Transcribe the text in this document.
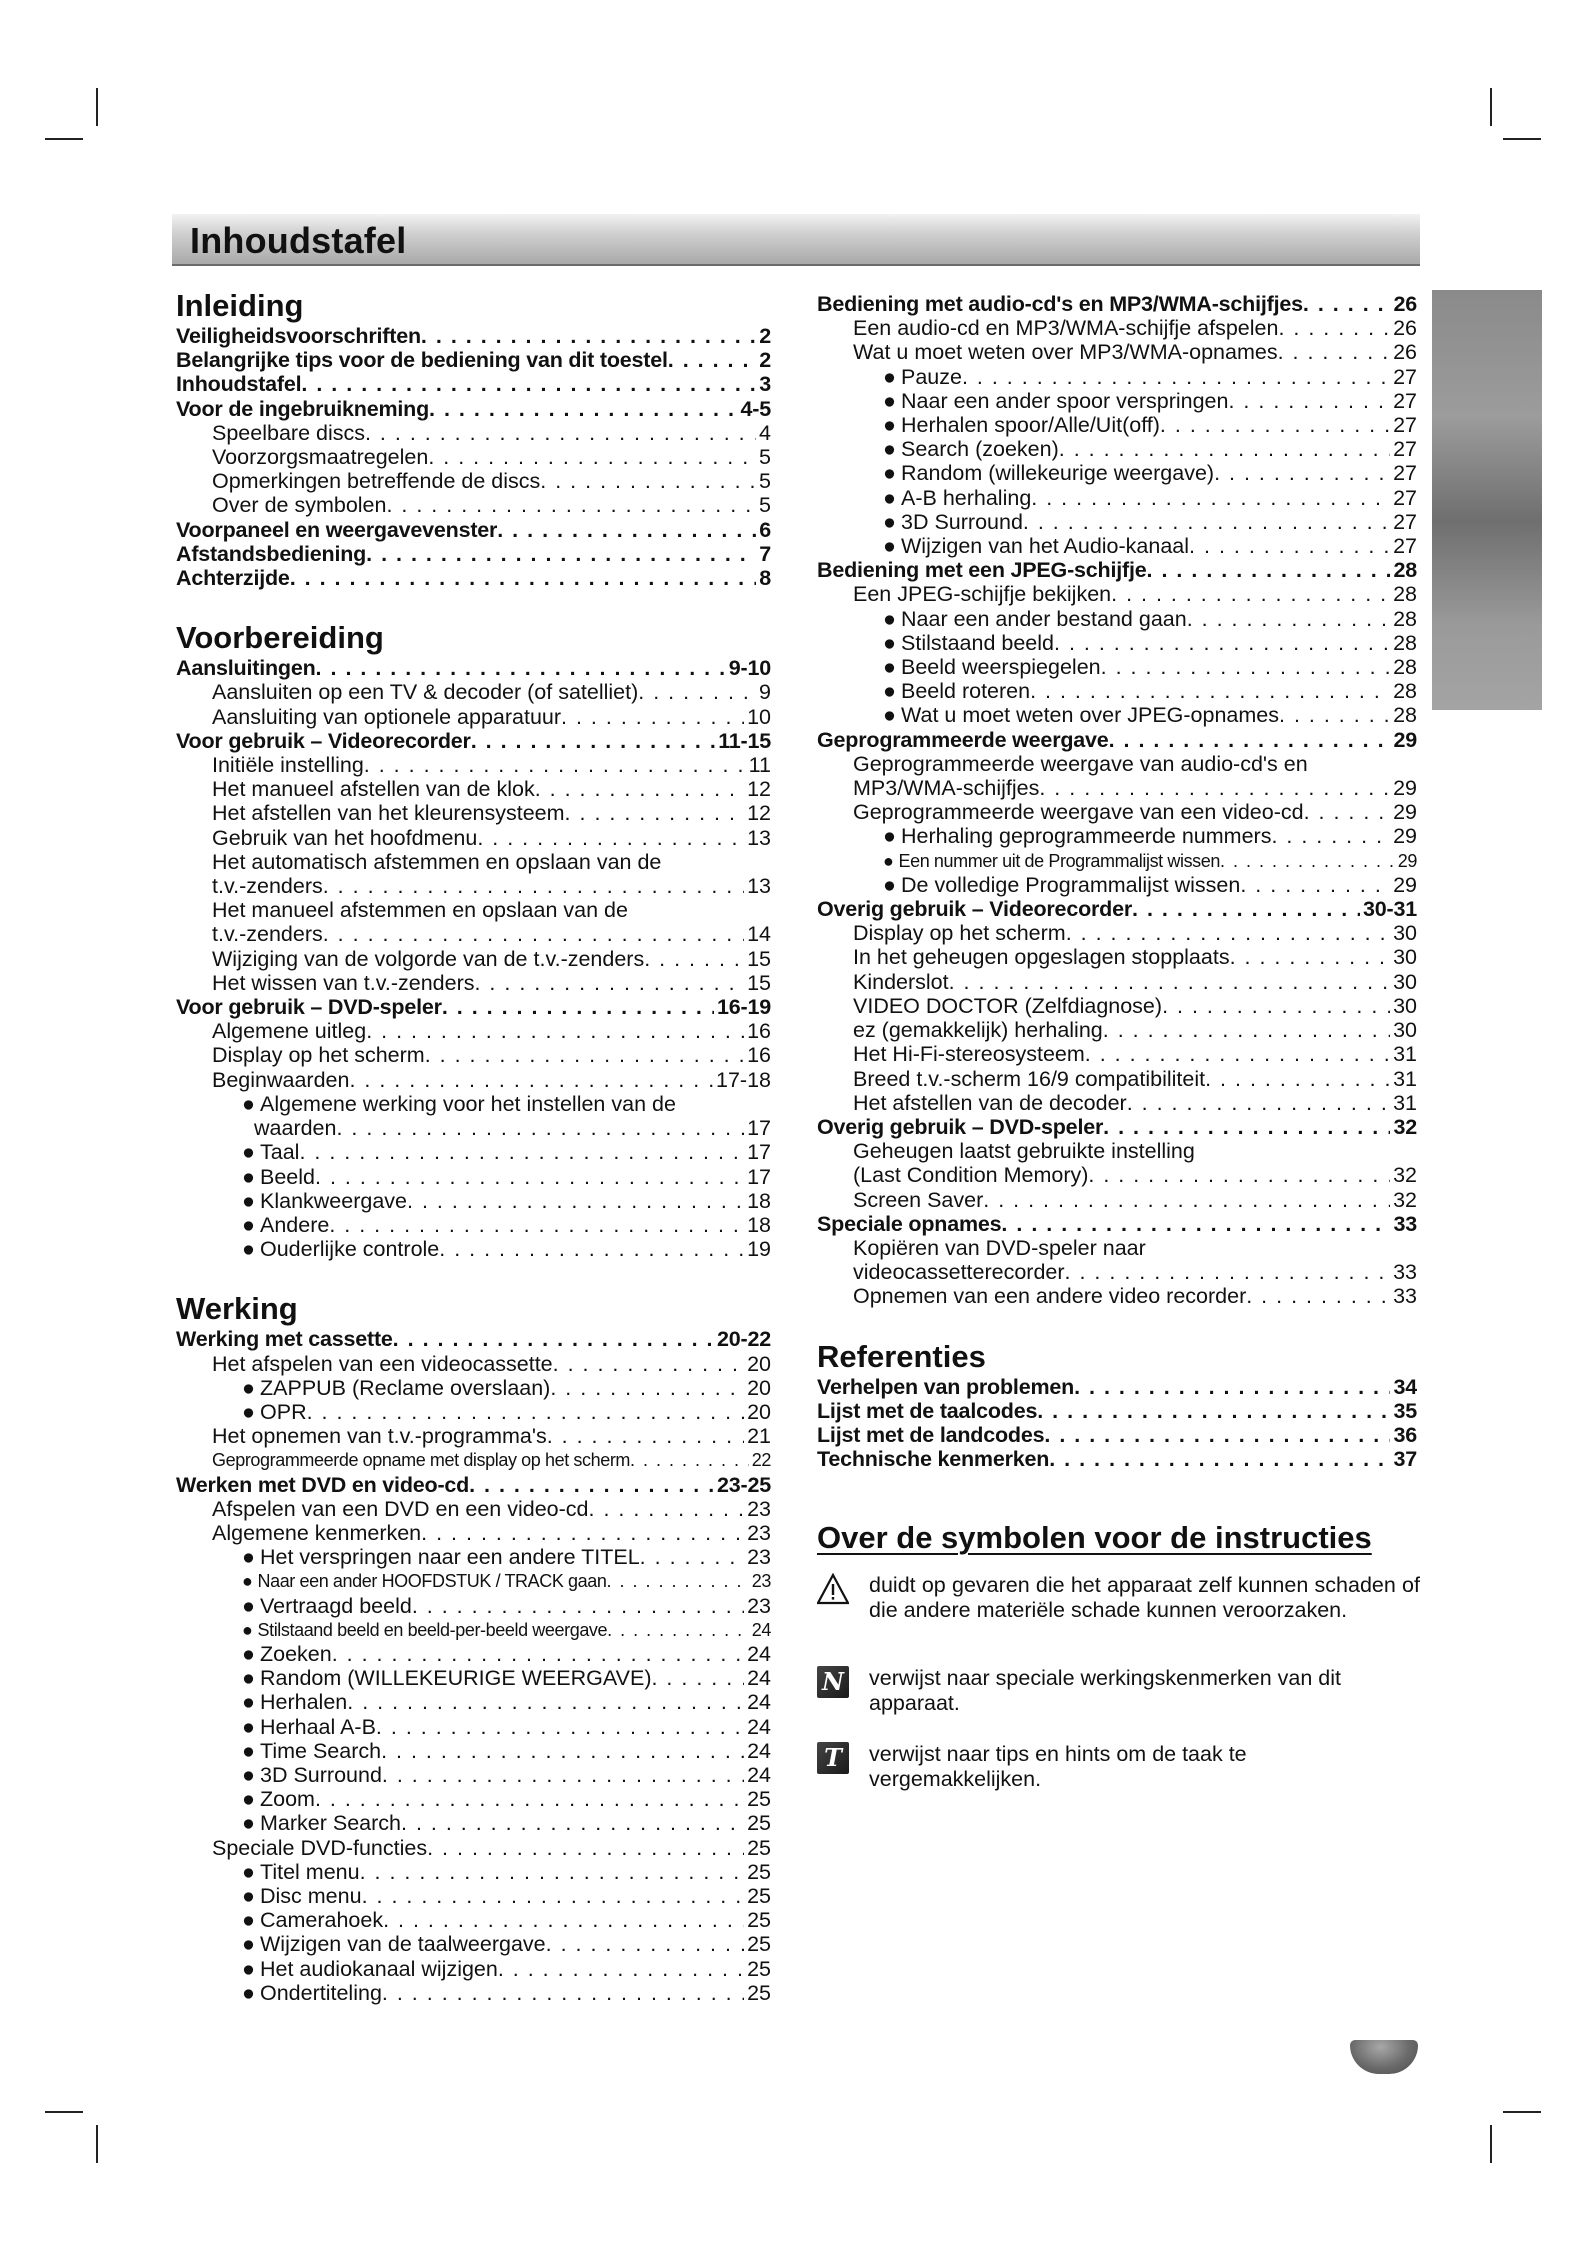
Inhoudstafel
Inleiding
Veiligheidsvoorschriften . . .	2
Belangrijke tips voor de bediening van dit toestel . . .	2
Inhoudstafel . . .	3
Voor de ingebruikneming . . .	4-5
Speelbare discs . . .	4
Voorzorgsmaatregelen . . .	5
Opmerkingen betreffende de discs . . .	5
Over de symbolen . . .	5
Voorpaneel en weergavevenster . . .	6
Afstandsbediening . . .	7
Achterzijde . . .	8
Voorbereiding
Aansluitingen . . .	9-10
Aansluiten op een TV & decoder (of satelliet) . . .	9
Aansluiting van optionele apparatuur . . .	10
Voor gebruik – Videorecorder . . .	11-15
Initiële instelling . . .	11
Het manueel afstellen van de klok . . .	12
Het afstellen van het kleurensysteem . . .	12
Gebruik van het hoofdmenu . . .	13
Het automatisch afstemmen en opslaan van de
t.v.-zenders . . .	13
Het manueel afstemmen en opslaan van de
t.v.-zenders . . .	14
Wijziging van de volgorde van de t.v.-zenders . . .	15
Het wissen van t.v.-zenders . . .	15
Voor gebruik – DVD-speler . . .	16-19
Algemene uitleg . . .	16
Display op het scherm . . .	16
Beginwaarden . . .	17-18
● Algemene werking voor het instellen van de
waarden . . .	17
● Taal . . .	17
● Beeld . . .	17
● Klankweergave . . .	18
● Andere . . .	18
● Ouderlijke controle . . .	19
Werking
Werking met cassette . . .	20-22
Het afspelen van een videocassette . . .	20
● ZAPPUB (Reclame overslaan) . . .	20
● OPR . . .	20
Het opnemen van t.v.-programma's . . .	21
Geprogrammeerde opname met display op het scherm . . .	22
Werken met DVD en video-cd . . .	23-25
Afspelen van een DVD en een video-cd . . .	23
Algemene kenmerken . . .	23
● Het verspringen naar een andere TITEL . . .	23
● Naar een ander HOOFDSTUK / TRACK gaan . . .	23
● Vertraagd beeld . . .	23
● Stilstaand beeld en beeld-per-beeld weergave . . .	24
● Zoeken . . .	24
● Random (WILLEKEURIGE WEERGAVE) . . .	24
● Herhalen . . .	24
● Herhaal A-B . . .	24
● Time Search . . .	24
● 3D Surround . . .	24
● Zoom . . .	25
● Marker Search . . .	25
Speciale DVD-functies . . .	25
● Titel menu . . .	25
● Disc menu . . .	25
● Camerahoek . . .	25
● Wijzigen van de taalweergave . . .	25
● Het audiokanaal wijzigen . . .	25
● Ondertiteling . . .	25
Bediening met audio-cd's en MP3/WMA-schijfjes . . .	26
Een audio-cd en MP3/WMA-schijfje afspelen . . .	26
Wat u moet weten over MP3/WMA-opnames . . .	26
● Pauze . . .	27
● Naar een ander spoor verspringen . . .	27
● Herhalen spoor/Alle/Uit(off) . . .	27
● Search (zoeken) . . .	27
● Random (willekeurige weergave) . . .	27
● A-B herhaling . . .	27
● 3D Surround . . .	27
● Wijzigen van het Audio-kanaal . . .	27
Bediening met een JPEG-schijfje . . .	28
Een JPEG-schijfje bekijken . . .	28
● Naar een ander bestand gaan . . .	28
● Stilstaand beeld . . .	28
● Beeld weerspiegelen . . .	28
● Beeld roteren . . .	28
● Wat u moet weten over JPEG-opnames . . .	28
Geprogrammeerde weergave . . .	29
Geprogrammeerde weergave van audio-cd's en
MP3/WMA-schijfjes . . .	29
Geprogrammeerde weergave van een video-cd . . .	29
● Herhaling geprogrammeerde nummers . . .	29
● Een nummer uit de Programmalijst wissen . . .	29
● De volledige Programmalijst wissen . . .	29
Overig gebruik – Videorecorder . . .	30-31
Display op het scherm . . .	30
In het geheugen opgeslagen stopplaats . . .	30
Kinderslot . . .	30
VIDEO DOCTOR (Zelfdiagnose) . . .	30
ez (gemakkelijk) herhaling . . .	30
Het Hi-Fi-stereosysteem . . .	31
Breed t.v.-scherm 16/9 compatibiliteit . . .	31
Het afstellen van de decoder . . .	31
Overig gebruik – DVD-speler . . .	32
Geheugen laatst gebruikte instelling
(Last Condition Memory) . . .	32
Screen Saver . . .	32
Speciale opnames . . .	33
Kopiëren van DVD-speler naar
videocassetterecorder . . .	33
Opnemen van een andere video recorder . . .	33
Referenties
Verhelpen van problemen . . .	34
Lijst met de taalcodes . . .	35
Lijst met de landcodes . . .	36
Technische kenmerken . . .	37
Over de symbolen voor de instructies
duidt op gevaren die het apparaat zelf kunnen schaden of die andere materiële schade kunnen veroorzaken.
N verwijst naar speciale werkingskenmerken van dit apparaat.
T verwijst naar tips en hints om de taak te vergemakkelijken.
